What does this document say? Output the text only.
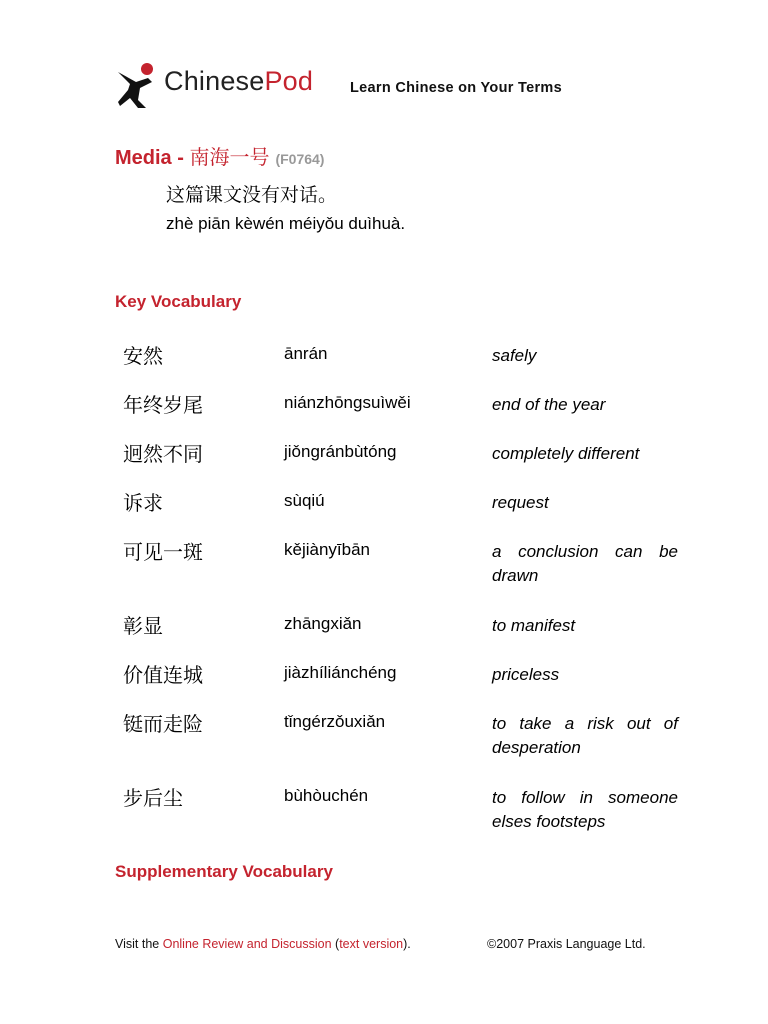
ChinesePod	Learn Chinese on Your Terms
Media - 南海一号 (F0764)
这篇课文没有对话。
zhè piān kèwén méiyǒu duìhuà.
Key Vocabulary
安然	ānrán	safely
年终岁尾	niánzhōngsuìwěi	end of the year
迥然不同	jiǒngránbùtóng	completely different
诉求	sùqiú	request
可见一斑	kějiànyībān	a conclusion can be drawn
彰显	zhāngxiǎn	to manifest
价值连城	jiàzhíliánchéng	priceless
铤而走险	tǐngérzǒuxiǎn	to take a risk out of desperation
步后尘	bùhòuchén	to follow in someone elses footsteps
Supplementary Vocabulary
Visit the Online Review and Discussion (text version).	©2007 Praxis Language Ltd.
